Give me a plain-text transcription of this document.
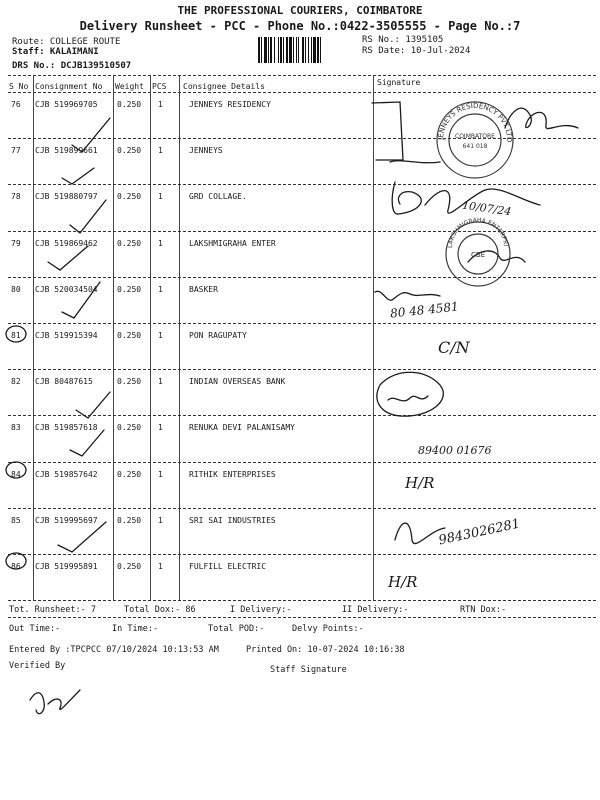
THE PROFESSIONAL COURIERS, COIMBATORE
Delivery Runsheet - PCC - Phone No.:0422-3505555 - Page No.:7
Route: COLLEGE ROUTE
Staff: KALAIMANI
DRS No.: DCJB139510507
RS No.: 1395105
RS Date: 10-Jul-2024
S No Consignment No Weight PCS Consignee Details	Signature
76 CJB 519969705 0.250 1	JENNEYS RESIDENCY
77 CJB 519899661 0.250 1	JENNEYS
78 CJB 519880797 0.250 1	GRD COLLAGE.
79 CJB 519869462 0.250 1	LAKSHMIGRAHA ENTER
80 CJB 520034504 0.250 1	BASKER
81 CJB 519915394 0.250 1	PON RAGUPATY
82 CJB 80487615	0.250 1	INDIAN OVERSEAS BANK
83 CJB 519857618 0.250 1	RENUKA DEVI PALANISAMY
84 CJB 519857642 0.250 1	RITHIK ENTERPRISES
85 CJB 519995697 0.250 1	SRI SAI INDUSTRIES
86 CJB 519995891 0.250 1	FULFILL ELECTRIC
JENNEYS RESIDENCY PVT LTD
COIMBATORE
641 018
LAKSHMIGRAHA ENTERPRI
CBE
10/07/24
80 48 4581
C/N
89400 01676
H/R
9843026281
H/R
Tot. Runsheet:- 7	Total Dox:- 86	I Delivery:-	II Delivery:-	RTN Dox:-
Out Time:-	In Time:-	Total POD:-	Delvy Points:-
Entered By :TPCPCC 07/10/2024 10:13:53 AM	Printed On: 10-07-2024 10:16:38
Verified By	Staff Signature
